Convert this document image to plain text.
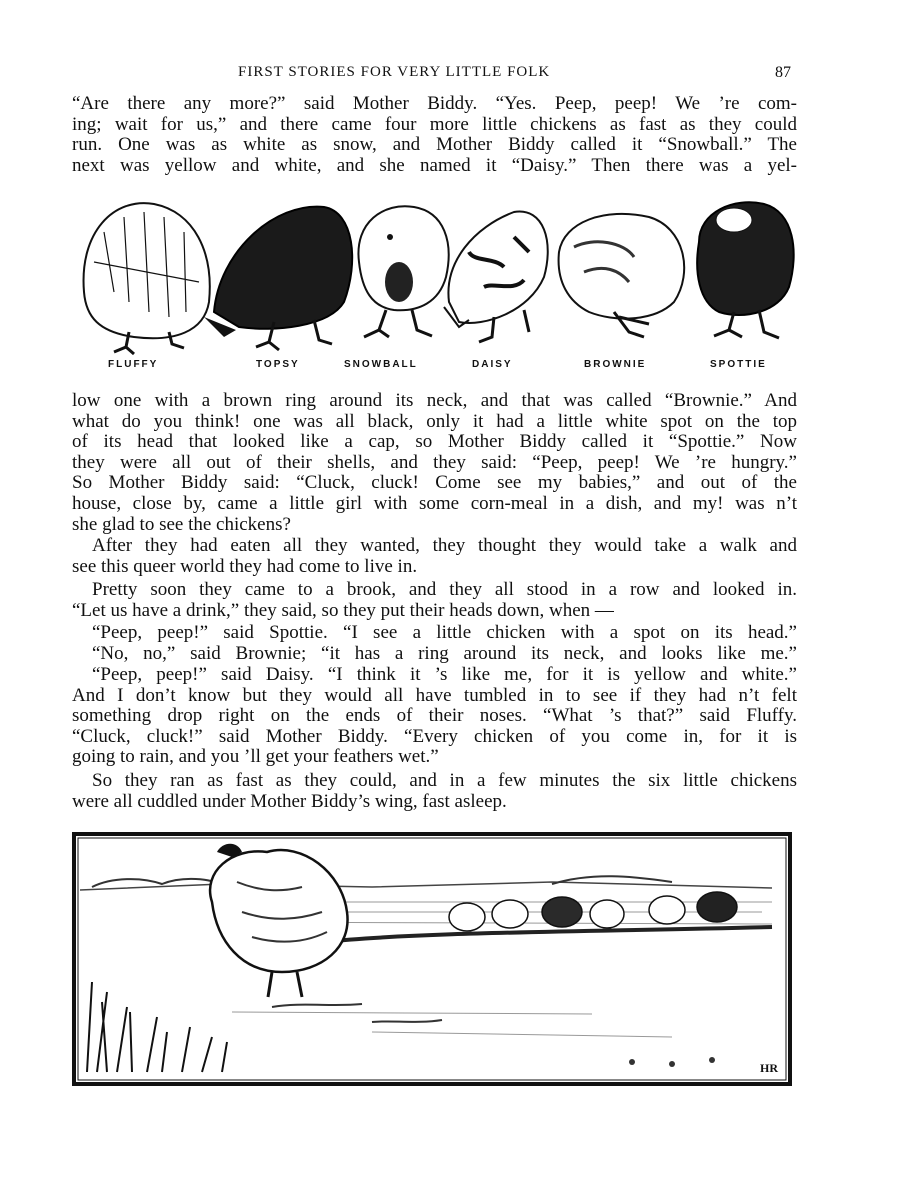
FIRST STORIES FOR VERY LITTLE FOLK	87
“Are there any more?” said Mother Biddy. “Yes. Peep, peep! We ’re com-
ing; wait for us,” and there came four more little chickens as fast as they could
run. One was as white as snow, and Mother Biddy called it “Snowball.” The
next was yellow and white, and she named it “Daisy.” Then there was a yel-
FLUFFY	TOPSY	SNOWBALL	DAISY	BROWNIE	SPOTTIE
low one with a brown ring around its neck, and that was called “Brownie.” And
what do you think! one was all black, only it had a little white spot on the top
of its head that looked like a cap, so Mother Biddy called it “Spottie.” Now
they were all out of their shells, and they said: “Peep, peep! We ’re hungry.”
So Mother Biddy said: “Cluck, cluck! Come see my babies,” and out of the
house, close by, came a little girl with some corn-meal in a dish, and my! was n’t
she glad to see the chickens?
After they had eaten all they wanted, they thought they would take a walk and
see this queer world they had come to live in.
Pretty soon they came to a brook, and they all stood in a row and looked in.
“Let us have a drink,” they said, so they put their heads down, when —
“Peep, peep!” said Spottie. “I see a little chicken with a spot on its head.”
“No, no,” said Brownie; “it has a ring around its neck, and looks like me.”
“Peep, peep!” said Daisy. “I think it ’s like me, for it is yellow and white.”
And I don’t know but they would all have tumbled in to see if they had n’t felt
something drop right on the ends of their noses. “What ’s that?” said Fluffy.
“Cluck, cluck!” said Mother Biddy. “Every chicken of you come in, for it is
going to rain, and you ’ll get your feathers wet.”
So they ran as fast as they could, and in a few minutes the six little chickens
were all cuddled under Mother Biddy’s wing, fast asleep.
HR
